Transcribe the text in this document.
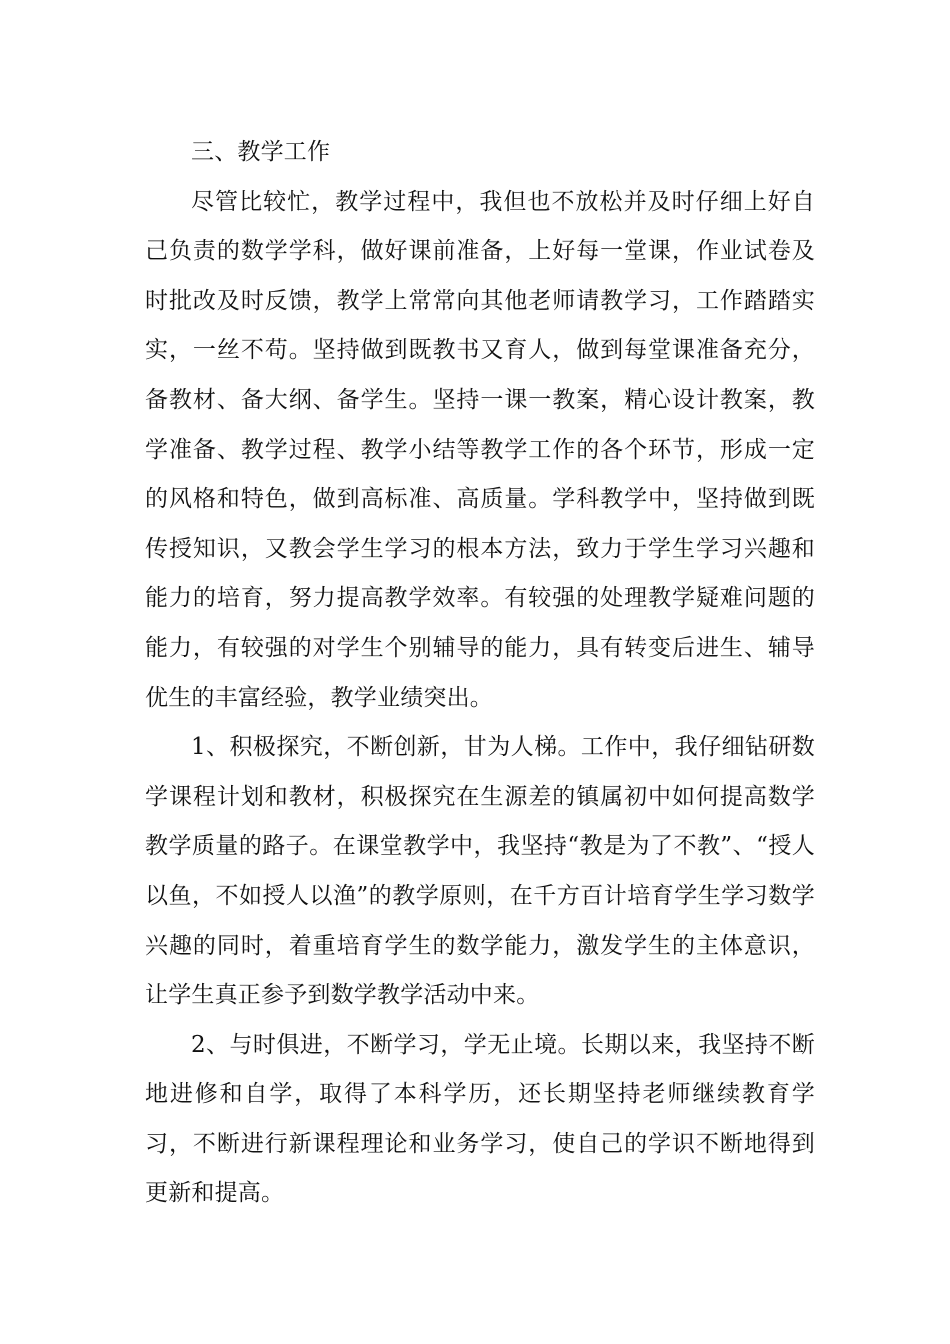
三、教学工作

尽管比较忙，教学过程中，我但也不放松并及时仔细上好自己负责的数学学科，做好课前准备，上好每一堂课，作业试卷及时批改及时反馈，教学上常常向其他老师请教学习，工作踏踏实实，一丝不苟。坚持做到既教书又育人，做到每堂课准备充分，备教材、备大纲、备学生。坚持一课一教案，精心设计教案，教学准备、教学过程、教学小结等教学工作的各个环节，形成一定的风格和特色，做到高标准、高质量。学科教学中，坚持做到既传授知识，又教会学生学习的根本方法，致力于学生学习兴趣和能力的培育，努力提高教学效率。有较强的处理教学疑难问题的能力，有较强的对学生个别辅导的能力，具有转变后进生、辅导优生的丰富经验，教学业绩突出。

1、积极探究，不断创新，甘为人梯。工作中，我仔细钻研数学课程计划和教材，积极探究在生源差的镇属初中如何提高数学教学质量的路子。在课堂教学中，我坚持“教是为了不教”、“授人以鱼，不如授人以渔”的教学原则，在千方百计培育学生学习数学兴趣的同时，着重培育学生的数学能力，激发学生的主体意识，让学生真正参予到数学教学活动中来。

2、与时俱进，不断学习，学无止境。长期以来，我坚持不断地进修和自学，取得了本科学历，还长期坚持老师继续教育学习，不断进行新课程理论和业务学习，使自己的学识不断地得到更新和提高。
